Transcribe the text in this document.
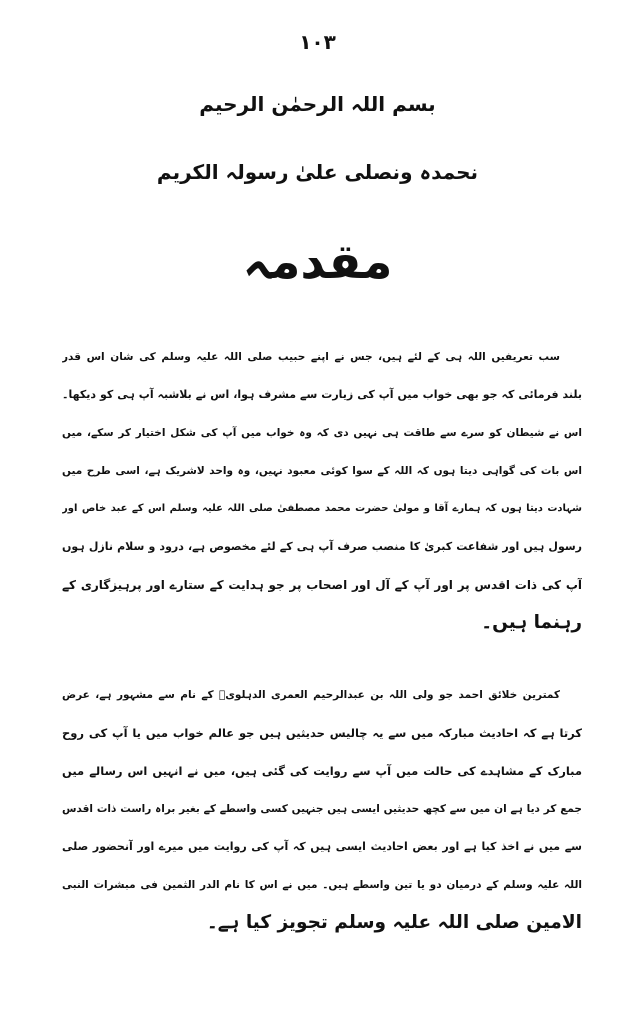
۱۰۳
بسم اللہ الرحمٰن الرحیم
نحمدہ ونصلی علیٰ رسولہ الکریم
مقدمہ
سب تعریفیں اللہ ہی کے لئے ہیں، جس نے اپنے حبیب صلی اللہ علیہ وسلم کی شان اس قدر
بلند فرمائی کہ جو بھی خواب میں آپ کی زیارت سے مشرف ہوا، اس نے بلاشبہ آپ ہی کو دیکھا۔
اس نے شیطان کو سرے سے طاقت ہی نہیں دی کہ وہ خواب میں آپ کی شکل اختیار کر سکے، میں
اس بات کی گواہی دیتا ہوں کہ اللہ کے سوا کوئی معبود نہیں، وہ واحد لاشریک ہے، اسی طرح میں
شہادت دیتا ہوں کہ ہمارے آقا و مولیٰ حضرت محمد مصطفیٰ صلی اللہ علیہ وسلم اس کے عبد خاص اور
رسول ہیں اور شفاعت کبریٰ کا منصب صرف آپ ہی کے لئے مخصوص ہے، درود و سلام نازل ہوں
آپ کی ذات اقدس پر اور آپ کے آل اور اصحاب پر جو ہدایت کے ستارے اور پرہیزگاری کے
رہنما ہیں۔
کمترین خلائق احمد جو ولی اللہ بن عبدالرحیم العمری الدہلویؒ کے نام سے مشہور ہے، عرض
کرتا ہے کہ احادیث مبارکہ میں سے یہ چالیس حدیثیں ہیں جو عالم خواب میں یا آپ کی روح
مبارک کے مشاہدے کی حالت میں آپ سے روایت کی گئی ہیں، میں نے انہیں اس رسالے میں
جمع کر دیا ہے ان میں سے کچھ حدیثیں ایسی ہیں جنہیں کسی واسطے کے بغیر براہ راست ذات اقدس
سے میں نے اخذ کیا ہے اور بعض احادیث ایسی ہیں کہ آپ کی روایت میں میرے اور آنحضور صلی
اللہ علیہ وسلم کے درمیان دو یا تین واسطے ہیں۔ میں نے اس کا نام الدر الثمین فی مبشرات النبی
الامین صلی اللہ علیہ وسلم تجویز کیا ہے۔
